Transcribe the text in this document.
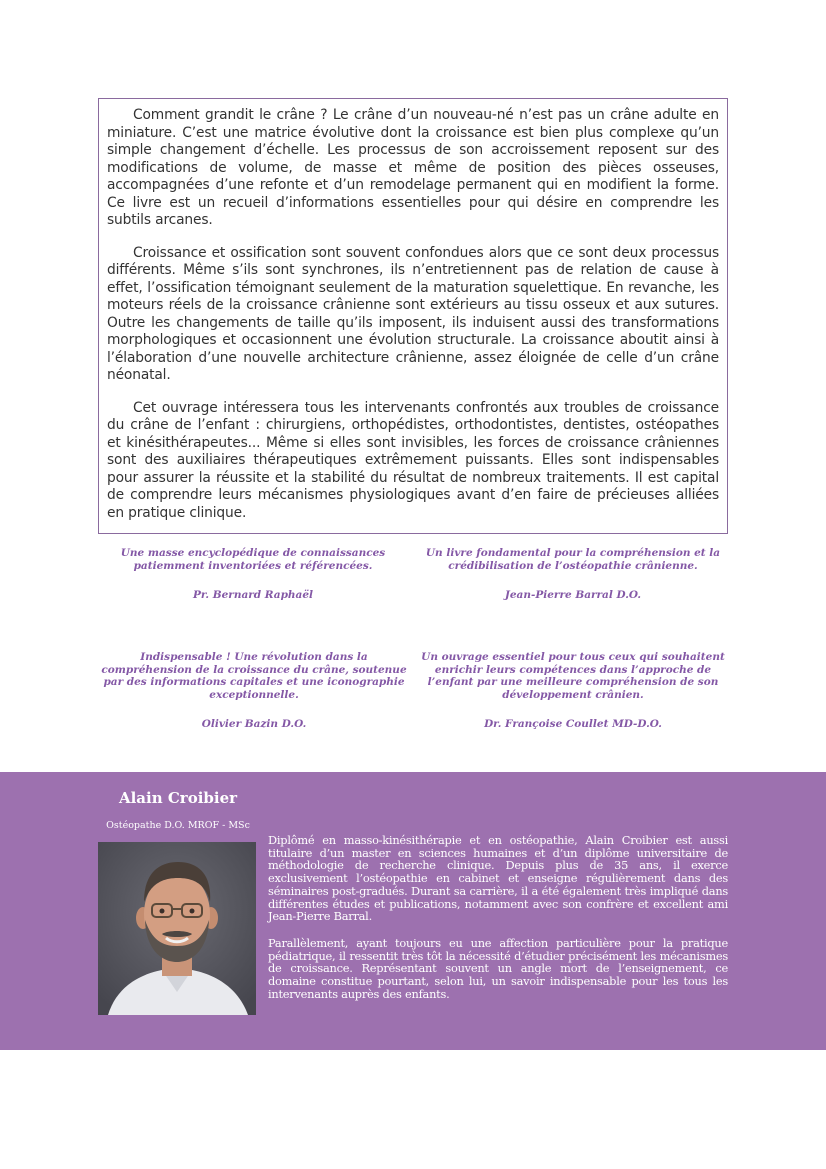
Comment grandit le crâne ? Le crâne d’un nouveau-né n’est pas un crâne adulte en miniature. C’est une matrice évolutive dont la croissance est bien plus complexe qu’un simple changement d’échelle. Les processus de son accroissement reposent sur des modifications de volume, de masse et même de position des pièces osseuses, accompagnées d’une refonte et d’un remodelage permanent qui en modifient la forme. Ce livre est un recueil d’informations essentielles pour qui désire en comprendre les subtils arcanes.

Croissance et ossification sont souvent confondues alors que ce sont deux processus différents. Même s’ils sont synchrones, ils n’entretiennent pas de relation de cause à effet, l’ossification témoignant seulement de la maturation squelettique. En revanche, les moteurs réels de la croissance crânienne sont extérieurs au tissu osseux et aux sutures. Outre les changements de taille qu’ils imposent, ils induisent aussi des transformations morphologiques et occasionnent une évolution structurale. La croissance aboutit ainsi à l’élaboration d’une nouvelle architecture crânienne, assez éloignée de celle d’un crâne néonatal.

Cet ouvrage intéressera tous les intervenants confrontés aux troubles de croissance du crâne de l’enfant : chirurgiens, orthopédistes, orthodontistes, dentistes, ostéopathes et kinésithérapeutes... Même si elles sont invisibles, les forces de croissance crâniennes sont des auxiliaires thérapeutiques extrêmement puissants. Elles sont indispensables pour assurer la réussite et la stabilité du résultat de nombreux traitements. Il est capital de comprendre leurs mécanismes physiologiques avant d’en faire de précieuses alliées en pratique clinique.

Une masse encyclopédique de connaissances patiemment inventoriées et référencées.
Pr. Bernard Raphaël
Un livre fondamental pour la compréhension et la crédibilisation de l’ostéopathie crânienne.
Jean-Pierre Barral D.O.
Indispensable ! Une révolution dans la compréhension de la croissance du crâne, soutenue par des informations capitales et une iconographie exceptionnelle.
Olivier Bazin D.O.
Un ouvrage essentiel pour tous ceux qui souhaitent enrichir leurs compétences dans l’approche de l’enfant par une meilleure compréhension de son développement crânien.
Dr. Françoise Coullet MD-D.O.
Alain Croibier
Ostéopathe D.O. MROF - MSc

Diplômé en masso-kinésithérapie et en ostéopathie, Alain Croibier est aussi titulaire d’un master en sciences humaines et d’un diplôme universitaire de méthodologie de recherche clinique. Depuis plus de 35 ans, il exerce exclusivement l’ostéopathie en cabinet et enseigne régulièrement dans des séminaires post-gradués. Durant sa carrière, il a été également très impliqué dans différentes études et publications, notamment avec son confrère et excellent ami Jean-Pierre Barral.

Parallèlement, ayant toujours eu une affection particulière pour la pratique pédiatrique, il ressentit très tôt la nécessité d’étudier précisément les mécanismes de croissance. Représentant souvent un angle mort de l’enseignement, ce domaine constitue pourtant, selon lui, un savoir indispensable pour les tous les intervenants auprès des enfants.
